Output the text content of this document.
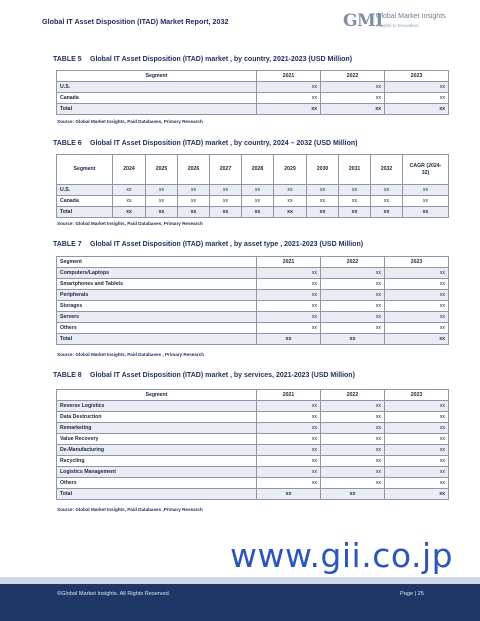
Global IT Asset Disposition (ITAD) Market Report, 2032	GMI
Global Market Insights
Insights to Innovation
TABLE 5 Global IT Asset Disposition (ITAD) market , by country, 2021-2023 (USD Million)
Segment	2021	2022	2023
U.S.	xx	xx	xx
Canada	xx	xx	xx
Total	xx	xx	xx
Source: Global Market Insights, Paid Databases, Primary Research
TABLE 6 Global IT Asset Disposition (ITAD) market , by country, 2024 – 2032 (USD Million)
Segment	2024	2025	2026	2027	2028	2029	2030	2031	2032	CAGR (2024-32)
U.S.	xx	xx	xx	xx	xx	xx	xx	xx	xx	xx
Canada	xx	xx	xx	xx	xx	xx	xx	xx	xx	xx
Total	xx	xx	xx	xx	xx	xx	xx	xx	xx	xx
Source: Global Market Insights, Paid Databases, Primary Research
TABLE 7 Global IT Asset Disposition (ITAD) market , by asset type , 2021-2023 (USD Million)
Segment	2021	2022	2023
Computers/Laptops	xx	xx	xx
Smartphones and Tablets	xx	xx	xx
Peripherals	xx	xx	xx
Storages	xx	xx	xx
Servers	xx	xx	xx
Others	xx	xx	xx
Total	xx	xx	xx
Source: Global Market Insights, Paid Databases , Primary Research
TABLE 8 Global IT Asset Disposition (ITAD) market , by services, 2021-2023 (USD Million)
Segment	2021	2022	2023
Reverse Logistics	xx	xx	xx
Data Destruction	xx	xx	xx
Remarketing	xx	xx	xx
Value Recovery	xx	xx	xx
De-Manufacturing	xx	xx	xx
Recycling	xx	xx	xx
Logistics Management	xx	xx	xx
Others	xx	xx	xx
Total	xx	xx	xx
Source: Global Market Insights, Paid Databases ,Primary Research
www.gii.co.jp
©Global Market Insights. All Rights Reserved.	Page | 25
